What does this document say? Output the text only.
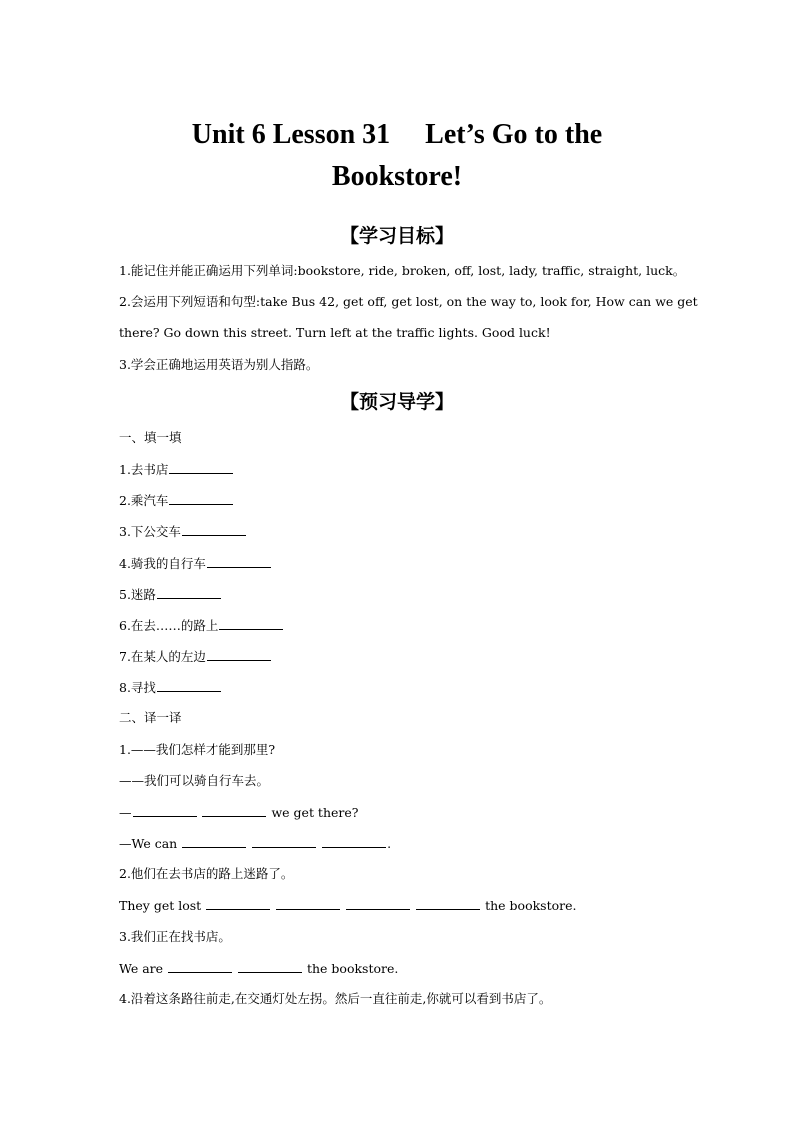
Unit 6 Lesson 31　 Let’s Go to the
Bookstore!
【学习目标】

1.能记住并能正确运用下列单词:bookstore, ride, broken, off, lost, lady, traffic, straight, luck。

2.会运用下列短语和句型:take Bus 42, get off, get lost, on the way to, look for, How can we get

there? Go down this street. Turn left at the traffic lights. Good luck!

3.学会正确地运用英语为别人指路。

【预习导学】

一、填一填

1.去书店

2.乘汽车

3.下公交车

4.骑我的自行车

5.迷路

6.在去……的路上

7.在某人的左边

8.寻找

二、译一译

1.——我们怎样才能到那里?

——我们可以骑自行车去。

—	we get there?

—We can	.

2.他们在去书店的路上迷路了。

They get lost	the bookstore.

3.我们正在找书店。

We are	the bookstore.

4.沿着这条路往前走,在交通灯处左拐。然后一直往前走,你就可以看到书店了。
